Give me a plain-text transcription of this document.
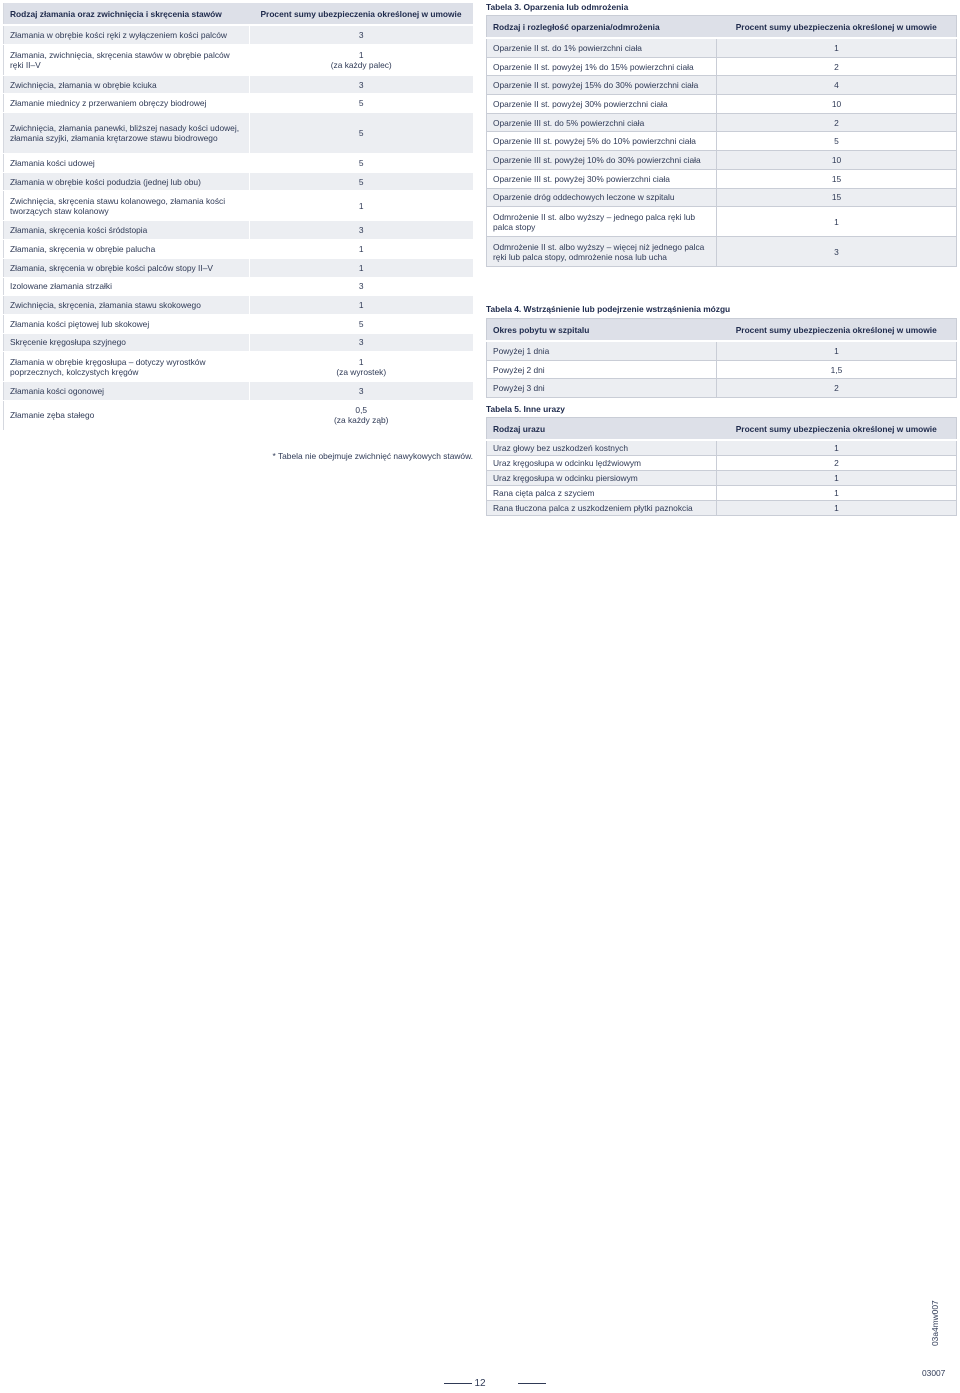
Rodzaj złamania oraz zwichnięcia i skręcenia stawów	Procent sumy ubezpieczenia określonej w umowie
Złamania w obrębie kości ręki z wyłączeniem kości palców	3

Złamania, zwichnięcia, skręcenia stawów w obrębie palców ręki II–V	1
(za każdy palec)

Zwichnięcia, złamania w obrębie kciuka	3

Złamanie miednicy z przerwaniem obręczy biodrowej	5

Zwichnięcia, złamania panewki, bliższej nasady kości udowej, złamania szyjki, złamania krętarzowe stawu biodrowego	5

Złamania kości udowej	5

Złamania w obrębie kości podudzia (jednej lub obu)	5

Zwichnięcia, skręcenia stawu kolanowego, złamania kości tworzących staw kolanowy	1

Złamania, skręcenia kości śródstopia	3

Złamania, skręcenia w obrębie palucha	1

Złamania, skręcenia w obrębie kości palców stopy II–V	1

Izolowane złamania strzałki	3

Zwichnięcia, skręcenia, złamania stawu skokowego	1

Złamania kości piętowej lub skokowej	5

Skręcenie kręgosłupa szyjnego	3

Złamania w obrębie kręgosłupa – dotyczy wyrostków poprzecznych, kolczystych kręgów	1
(za wyrostek)

Złamania kości ogonowej	3

Złamanie zęba stałego	0,5
(za każdy ząb)
* Tabela nie obejmuje zwichnięć nawykowych stawów.
Tabela 3. Oparzenia lub odmrożenia
Rodzaj i rozległość oparzenia/odmrożenia	Procent sumy ubezpieczenia określonej w umowie
Oparzenie II st. do 1% powierzchni ciała	1

Oparzenie II st. powyżej 1% do 15% powierzchni ciała	2

Oparzenie II st. powyżej 15% do 30% powierzchni ciała	4

Oparzenie II st. powyżej 30% powierzchni ciała	10

Oparzenie III st. do 5% powierzchni ciała	2

Oparzenie III st. powyżej 5% do 10% powierzchni ciała	5

Oparzenie III st. powyżej 10% do 30% powierzchni ciała	10

Oparzenie III st. powyżej 30% powierzchni ciała	15

Oparzenie dróg oddechowych leczone w szpitalu	15

Odmrożenie II st. albo wyższy – jednego palca ręki lub palca stopy	1

Odmrożenie II st. albo wyższy – więcej niż jednego palca ręki lub palca stopy, odmrożenie nosa lub ucha	3
Tabela 4. Wstrząśnienie lub podejrzenie wstrząśnienia mózgu
Okres pobytu w szpitalu	Procent sumy ubezpieczenia określonej w umowie
Powyżej 1 dnia	1

Powyżej 2 dni	1,5

Powyżej 3 dni	2
Tabela 5. Inne urazy
Rodzaj urazu	Procent sumy ubezpieczenia określonej w umowie
Uraz głowy bez uszkodzeń kostnych	1

Uraz kręgosłupa w odcinku lędźwiowym	2

Uraz kręgosłupa w odcinku piersiowym	1

Rana cięta palca z szyciem	1

Rana tłuczona palca z uszkodzeniem płytki paznokcia	1
12
03007
03a4mw007
